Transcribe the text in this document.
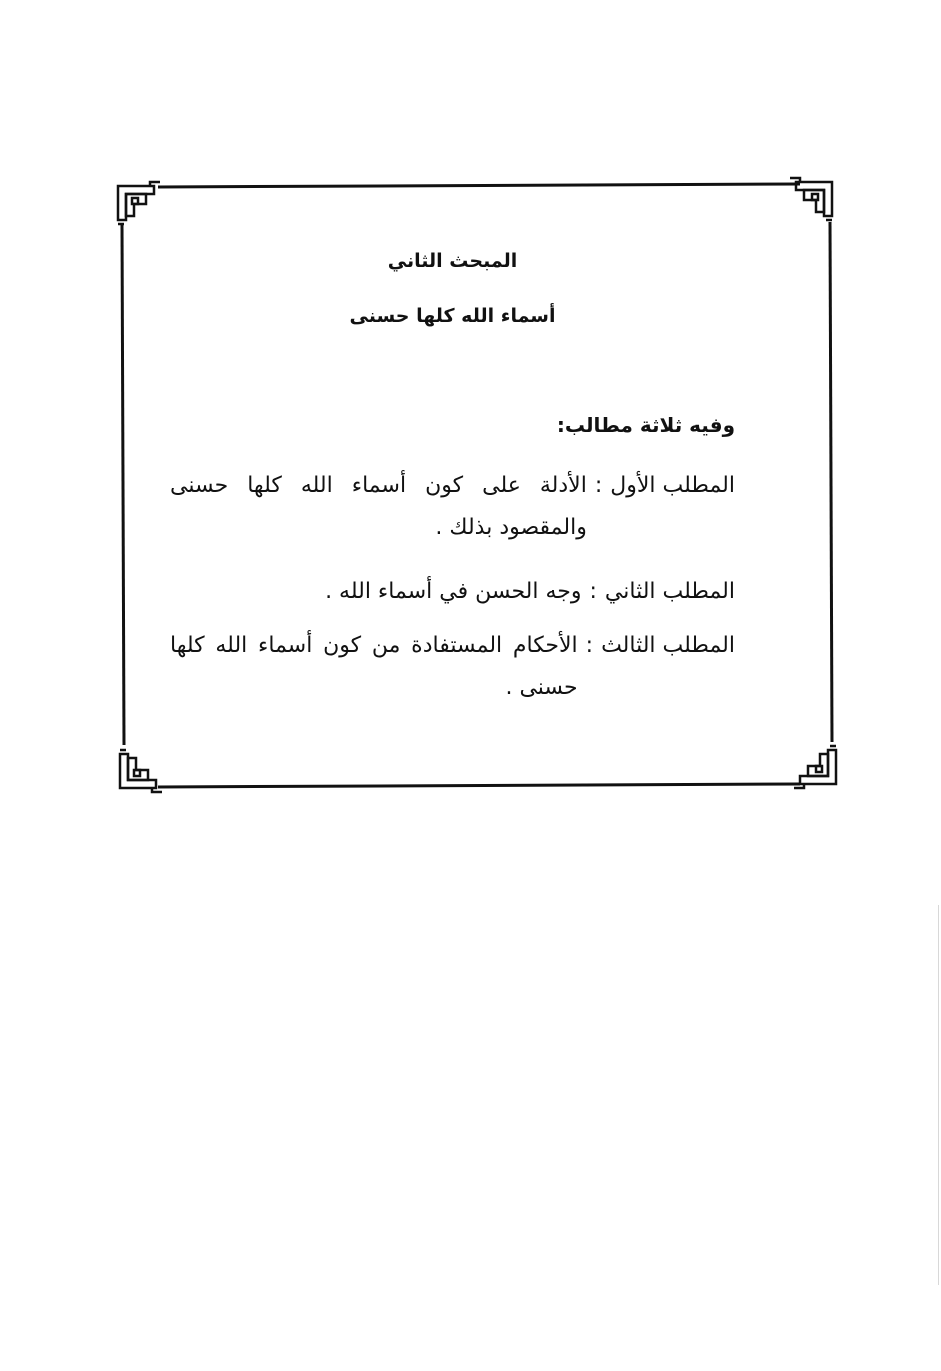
المبحث الثاني
أسماء الله كلها حسنى
وفيه ثلاثة مطالب:
المطلب الأول
:
الأدلة على كون أسماء الله كلها حسنى والمقصود بذلك .
المطلب الثاني
:
وجه الحسن في أسماء الله .
المطلب الثالث
:
الأحكام المستفادة من كون أسماء الله كلها حسنى .
